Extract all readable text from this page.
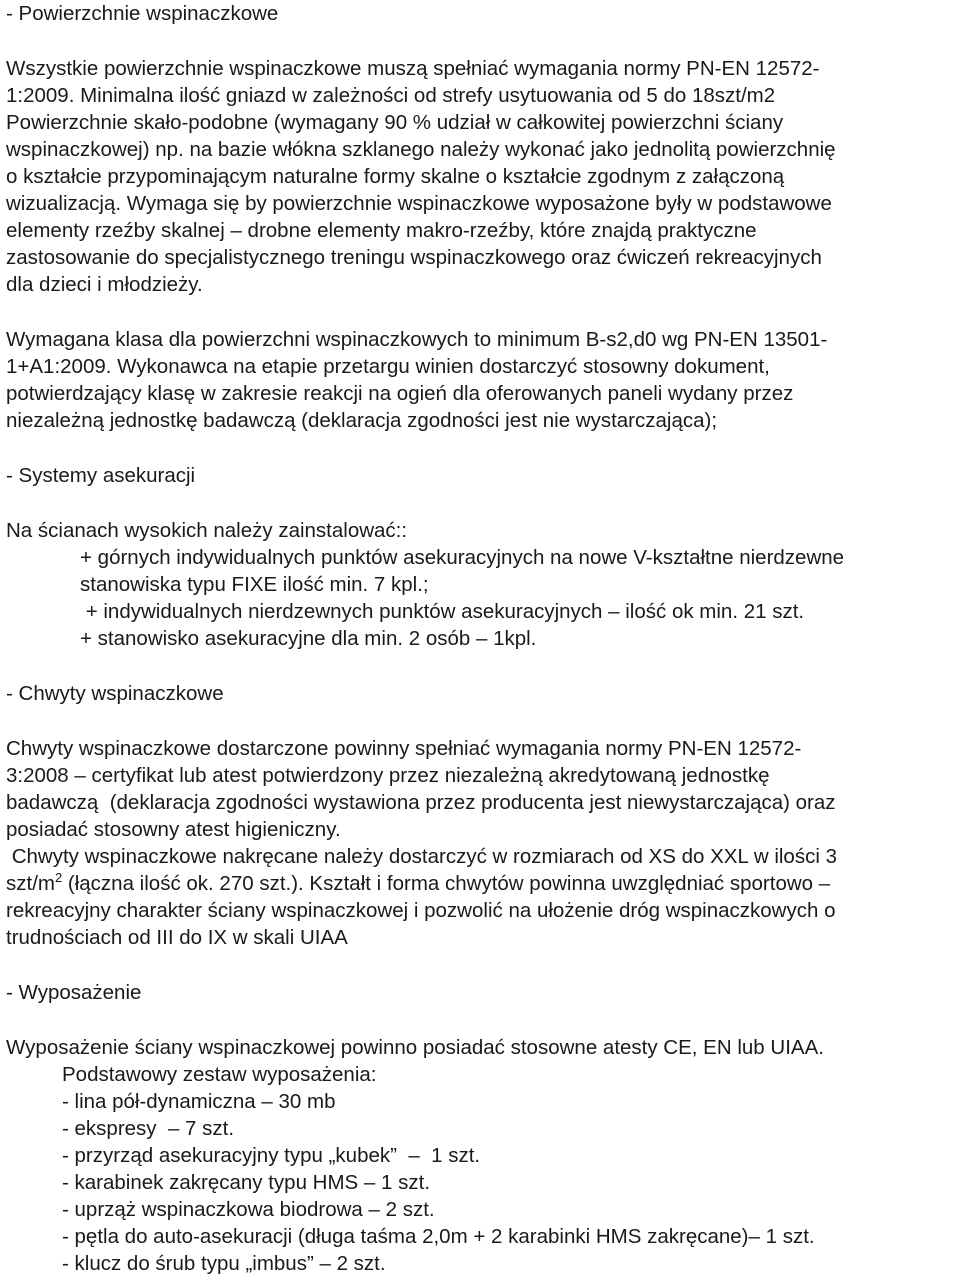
- Powierzchnie wspinaczkowe
Wszystkie powierzchnie wspinaczkowe muszą spełniać wymagania normy PN-EN 12572-
1:2009. Minimalna ilość gniazd w zależności od strefy usytuowania od 5 do 18szt/m2
Powierzchnie skało-podobne (wymagany 90 % udział w całkowitej powierzchni ściany
wspinaczkowej) np. na bazie włókna szklanego należy wykonać jako jednolitą powierzchnię
o kształcie przypominającym naturalne formy skalne o kształcie zgodnym z załączoną
wizualizacją. Wymaga się by powierzchnie wspinaczkowe wyposażone były w podstawowe
elementy rzeźby skalnej – drobne elementy makro-rzeźby, które znajdą praktyczne
zastosowanie do specjalistycznego treningu wspinaczkowego oraz ćwiczeń rekreacyjnych
dla dzieci i młodzieży.
Wymagana klasa dla powierzchni wspinaczkowych to minimum B-s2,d0 wg PN-EN 13501-
1+A1:2009. Wykonawca na etapie przetargu winien dostarczyć stosowny dokument,
potwierdzający klasę w zakresie reakcji na ogień dla oferowanych paneli wydany przez
niezależną jednostkę badawczą (deklaracja zgodności jest nie wystarczająca);
- Systemy asekuracji
Na ścianach wysokich należy zainstalować::
+ górnych indywidualnych punktów asekuracyjnych na nowe V-kształtne nierdzewne
stanowiska typu FIXE ilość min. 7 kpl.;
+ indywidualnych nierdzewnych punktów asekuracyjnych – ilość ok min. 21 szt.
+ stanowisko asekuracyjne dla min. 2 osób – 1kpl.
- Chwyty wspinaczkowe
Chwyty wspinaczkowe dostarczone powinny spełniać wymagania normy PN-EN 12572-
3:2008 – certyfikat lub atest potwierdzony przez niezależną akredytowaną jednostkę
badawczą  (deklaracja zgodności wystawiona przez producenta jest niewystarczająca) oraz
posiadać stosowny atest higieniczny.
Chwyty wspinaczkowe nakręcane należy dostarczyć w rozmiarach od XS do XXL w ilości 3
szt/$m^2$ (łączna ilość ok. 270 szt.). Kształt i forma chwytów powinna uwzględniać sportowo –
rekreacyjny charakter ściany wspinaczkowej i pozwolić na ułożenie dróg wspinaczkowych o
trudnościach od III do IX w skali UIAA
- Wyposażenie
Wyposażenie ściany wspinaczkowej powinno posiadać stosowne atesty CE, EN lub UIAA.
Podstawowy zestaw wyposażenia:
- lina pół-dynamiczna – 30 mb
- ekspresy  – 7 szt.
- przyrząd asekuracyjny typu „kubek”  –  1 szt.
- karabinek zakręcany typu HMS – 1 szt.
- uprząż wspinaczkowa biodrowa – 2 szt.
- pętla do auto-asekuracji (długa taśma 2,0m + 2 karabinki HMS zakręcane)– 1 szt.
- klucz do śrub typu „imbus” – 2 szt.
